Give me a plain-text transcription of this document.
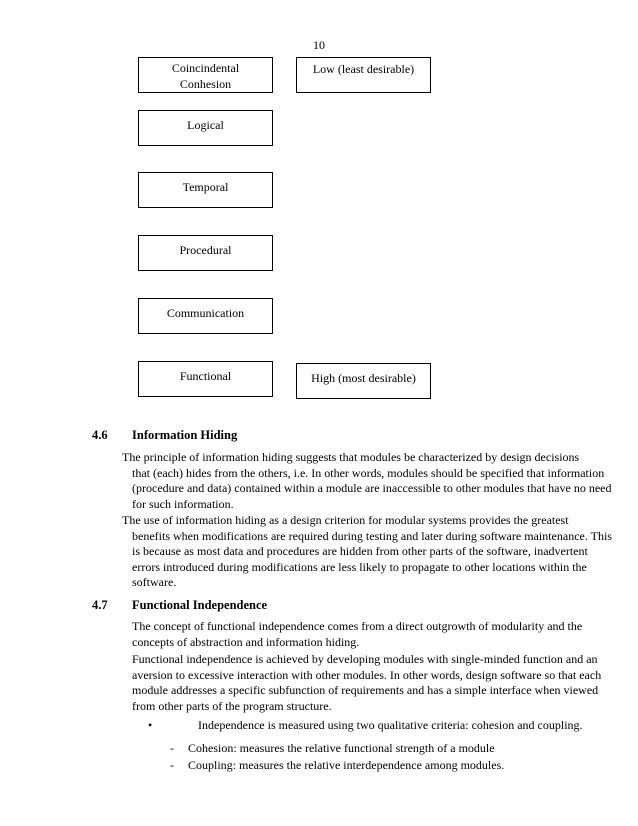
10
Coincindental
Conhesion
Low (least desirable)
Logical
Temporal
Procedural
Communication
Functional	High (most desirable)
4.6 Information Hiding
The principle of information hiding suggests that modules be characterized by design decisions
that (each) hides from the others, i.e. In other words, modules should be specified that information (procedure and data) contained within a module are inaccessible to other modules that have no need for such information.
The use of information hiding as a design criterion for modular systems provides the greatest
benefits when modifications are required during testing and later during software maintenance. This is because as most data and procedures are hidden from other parts of the software, inadvertent errors introduced during modifications are less likely to propagate to other locations within the software.
4.7 Functional Independence
The concept of functional independence comes from a direct outgrowth of modularity and the concepts of abstraction and information hiding.
Functional independence is achieved by developing modules with single-minded function and an aversion to excessive interaction with other modules. In other words, design software so that each module addresses a specific subfunction of requirements and has a simple interface when viewed from other parts of the program structure.
•	Independence is measured using two qualitative criteria: cohesion and coupling.
-	Cohesion: measures the relative functional strength of a module
-	Coupling: measures the relative interdependence among modules.
